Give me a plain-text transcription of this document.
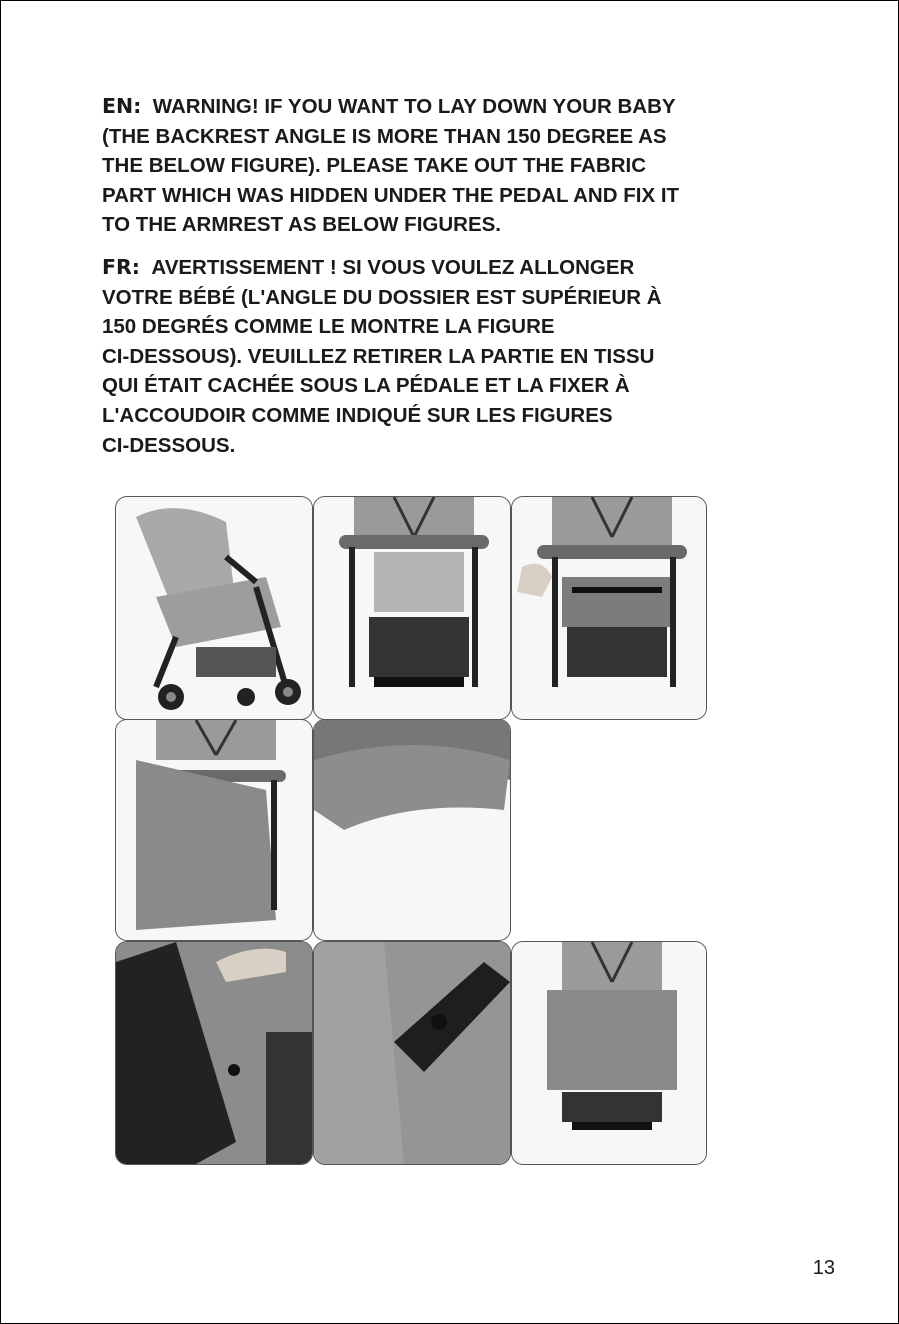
EN: WARNING! IF YOU WANT TO LAY DOWN YOUR BABY
(THE BACKREST ANGLE IS MORE THAN 150 DEGREE AS
THE BELOW FIGURE). PLEASE TAKE OUT THE FABRIC
PART WHICH WAS HIDDEN UNDER THE PEDAL AND FIX IT
TO THE ARMREST AS BELOW FIGURES.
FR: AVERTISSEMENT ! SI VOUS VOULEZ ALLONGER
VOTRE BÉBÉ (L'ANGLE DU DOSSIER EST SUPÉRIEUR À
150 DEGRÉS COMME LE MONTRE LA FIGURE
CI-DESSOUS). VEUILLEZ RETIRER LA PARTIE EN TISSU
QUI ÉTAIT CACHÉE SOUS LA PÉDALE ET LA FIXER À
L'ACCOUDOIR COMME INDIQUÉ SUR LES FIGURES
CI-DESSOUS.
13
